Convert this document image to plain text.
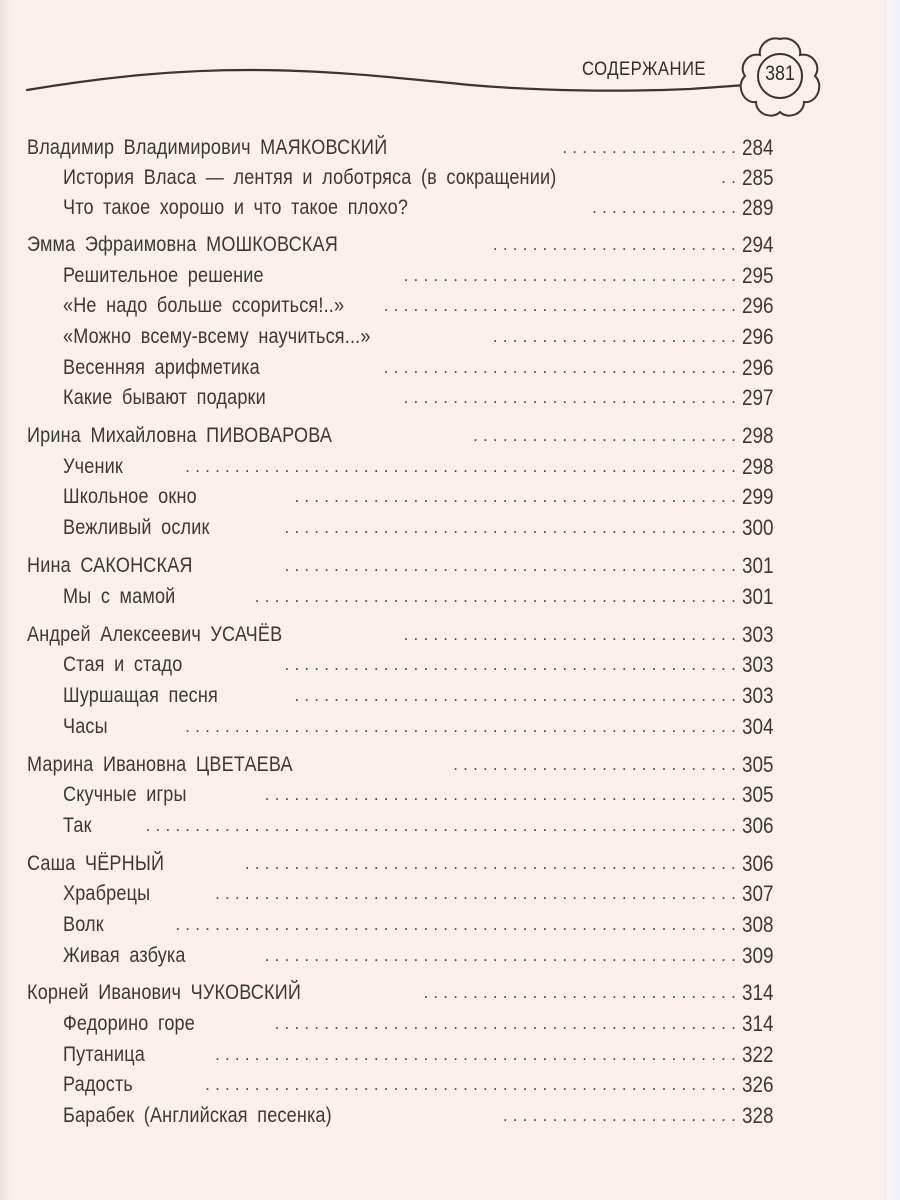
СОДЕРЖАНИЕ	381
Владимир Владимирович МАЯКОВСКИЙ	.................. 284
История Власа — лентяя и лоботряса (в сокращении)	.. 285
Что такое хорошо и что такое плохо?	............... 289
Эмма Эфраимовна МОШКОВСКАЯ	......................... 294
Решительное решение	.................................. 295
«Не надо больше ссориться!..»	.................................... 296
«Можно всему-всему научиться...»	......................... 296
Весенняя арифметика	.................................... 296
Какие бывают подарки	.................................. 297
Ирина Михайловна ПИВОВАРОВА	........................... 298
Ученик	........................................................ 298
Школьное окно	............................................. 299
Вежливый ослик	.............................................. 300
Нина САКОНСКАЯ	.............................................. 301
Мы с мамой	................................................. 301
Андрей Алексеевич УСАЧЁВ	.................................. 303
Стая и стадо	.............................................. 303
Шуршащая песня	............................................. 303
Часы	........................................................ 304
Марина Ивановна ЦВЕТАЕВА	............................. 305
Скучные игры	................................................ 305
Так	............................................................ 306
Саша ЧЁРНЫЙ	.................................................. 306
Храбрецы	..................................................... 307
Волк	......................................................... 308
Живая азбука	................................................ 309
Корней Иванович ЧУКОВСКИЙ	................................ 314
Федорино горе	............................................... 314
Путаница	..................................................... 322
Радость	...................................................... 326
Барабек (Английская песенка)	........................ 328
